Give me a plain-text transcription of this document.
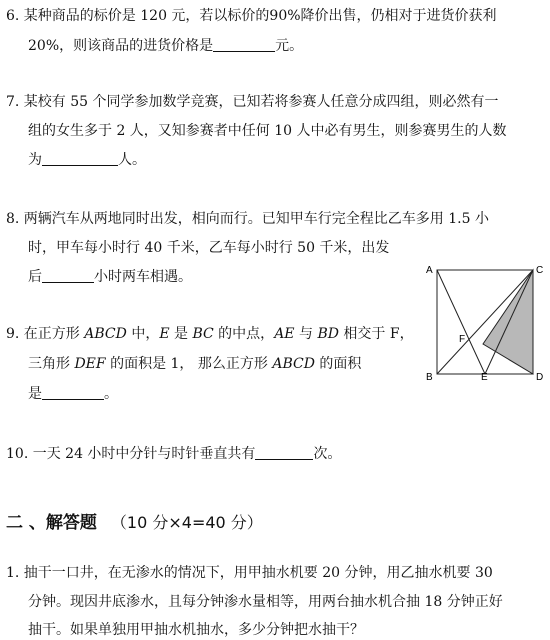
6. 某种商品的标价是 120 元，若以标价的90%降价出售，仍相对于进货价获利
20%，则该商品的进货价格是	元。
7. 某校有 55 个同学参加数学竞赛，已知若将参赛人任意分成四组，则必然有一
组的女生多于 2 人，又知参赛者中任何 10 人中必有男生，则参赛男生的人数
为	人。
8. 两辆汽车从两地同时出发，相向而行。已知甲车行完全程比乙车多用 1.5 小
时，甲车每小时行 40 千米，乙车每小时行 50 千米，出发
后	小时两车相遇。
9. 在正方形 ABCD 中，E 是 BC 的中点，AE 与 BD 相交于 F，
三角形 DEF 的面积是 1， 那么正方形 ABCD 的面积
是	。
A	C
B	D
E
F
10. 一天 24 小时中分针与时针垂直共有	次。
二 、解答题 （10 分×4=40 分）
1. 抽干一口井，在无渗水的情况下，用甲抽水机要 20 分钟，用乙抽水机要 30
分钟。现因井底渗水，且每分钟渗水量相等，用两台抽水机合抽 18 分钟正好
抽干。如果单独用甲抽水机抽水，多少分钟把水抽干？
